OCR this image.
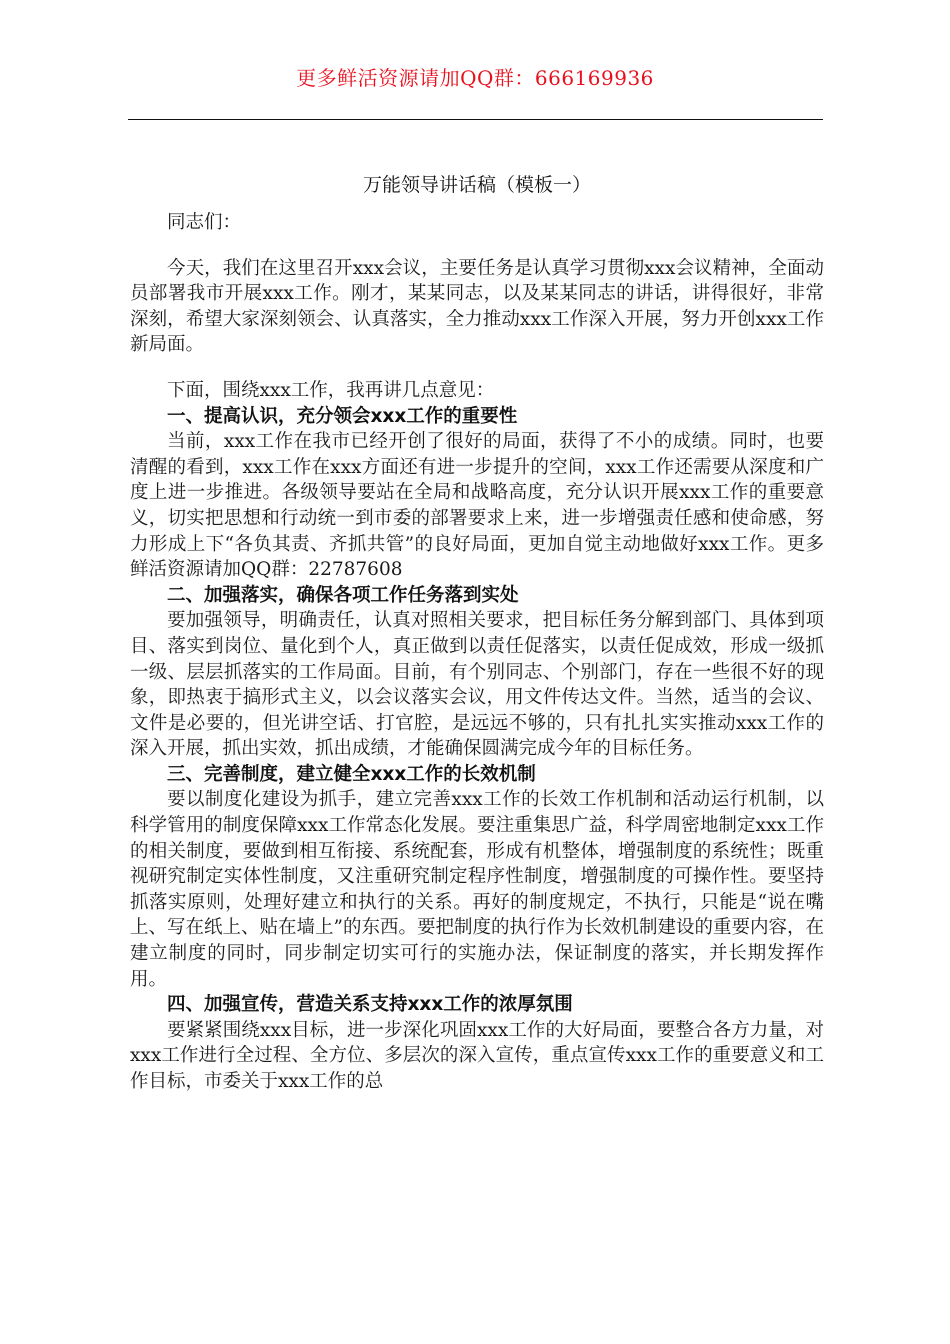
更多鲜活资源请加QQ群：666169936
万能领导讲话稿（模板一）

同志们：

今天，我们在这里召开xxx会议，主要任务是认真学习贯彻xxx会议精神，全面动员部署我市开展xxx工作。刚才，某某同志，以及某某同志的讲话，讲得很好，非常深刻，希望大家深刻领会、认真落实，全力推动xxx工作深入开展，努力开创xxx工作新局面。

下面，围绕xxx工作，我再讲几点意见：

一、提高认识，充分领会xxx工作的重要性

当前，xxx工作在我市已经开创了很好的局面，获得了不小的成绩。同时，也要清醒的看到，xxx工作在xxx方面还有进一步提升的空间，xxx工作还需要从深度和广度上进一步推进。各级领导要站在全局和战略高度，充分认识开展xxx工作的重要意义，切实把思想和行动统一到市委的部署要求上来，进一步增强责任感和使命感，努力形成上下“各负其责、齐抓共管”的良好局面，更加自觉主动地做好xxx工作。更多鲜活资源请加QQ群：22787608

二、加强落实，确保各项工作任务落到实处

要加强领导，明确责任，认真对照相关要求，把目标任务分解到部门、具体到项目、落实到岗位、量化到个人，真正做到以责任促落实，以责任促成效，形成一级抓一级、层层抓落实的工作局面。目前，有个别同志、个别部门，存在一些很不好的现象，即热衷于搞形式主义，以会议落实会议，用文件传达文件。当然，适当的会议、文件是必要的，但光讲空话、打官腔，是远远不够的，只有扎扎实实推动xxx工作的深入开展，抓出实效，抓出成绩，才能确保圆满完成今年的目标任务。

三、完善制度，建立健全xxx工作的长效机制

要以制度化建设为抓手，建立完善xxx工作的长效工作机制和活动运行机制，以科学管用的制度保障xxx工作常态化发展。要注重集思广益，科学周密地制定xxx工作的相关制度，要做到相互衔接、系统配套，形成有机整体，增强制度的系统性；既重视研究制定实体性制度，又注重研究制定程序性制度，增强制度的可操作性。要坚持抓落实原则，处理好建立和执行的关系。再好的制度规定，不执行，只能是“说在嘴上、写在纸上、贴在墙上”的东西。要把制度的执行作为长效机制建设的重要内容，在建立制度的同时，同步制定切实可行的实施办法，保证制度的落实，并长期发挥作用。

四、加强宣传，营造关系支持xxx工作的浓厚氛围

要紧紧围绕xxx目标，进一步深化巩固xxx工作的大好局面，要整合各方力量，对xxx工作进行全过程、全方位、多层次的深入宣传，重点宣传xxx工作的重要意义和工作目标，市委关于xxx工作的总
